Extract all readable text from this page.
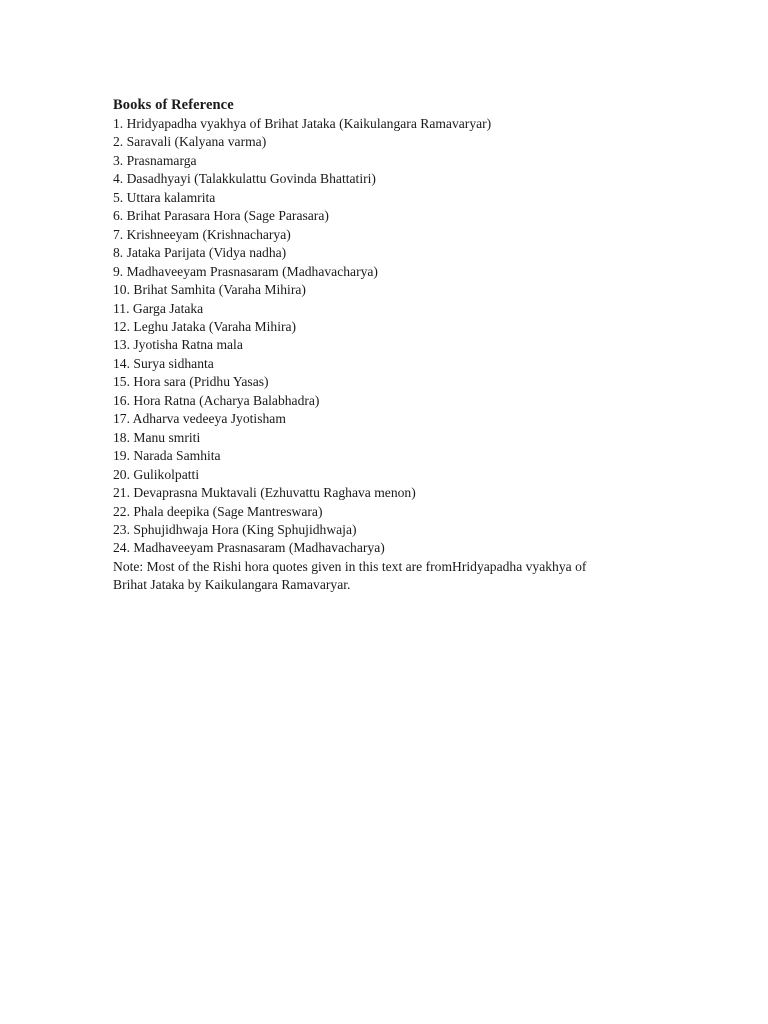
Books of Reference
1. Hridyapadha vyakhya of Brihat Jataka (Kaikulangara Ramavaryar)
2. Saravali (Kalyana varma)
3. Prasnamarga
4. Dasadhyayi (Talakkulattu Govinda Bhattatiri)
5. Uttara kalamrita
6. Brihat Parasara Hora (Sage Parasara)
7. Krishneeyam (Krishnacharya)
8. Jataka Parijata (Vidya nadha)
9. Madhaveeyam Prasnasaram (Madhavacharya)
10. Brihat Samhita (Varaha Mihira)
11. Garga Jataka
12. Leghu Jataka (Varaha Mihira)
13. Jyotisha Ratna mala
14. Surya sidhanta
15. Hora sara (Pridhu Yasas)
16. Hora Ratna (Acharya Balabhadra)
17. Adharva vedeeya Jyotisham
18. Manu smriti
19. Narada Samhita
20. Gulikolpatti
21. Devaprasna Muktavali (Ezhuvattu Raghava menon)
22. Phala deepika (Sage Mantreswara)
23. Sphujidhwaja Hora (King Sphujidhwaja)
24. Madhaveeyam Prasnasaram (Madhavacharya)

Note: Most of the Rishi hora quotes given in this text are fromHridyapadha vyakhya of
Brihat Jataka by Kaikulangara Ramavaryar.
